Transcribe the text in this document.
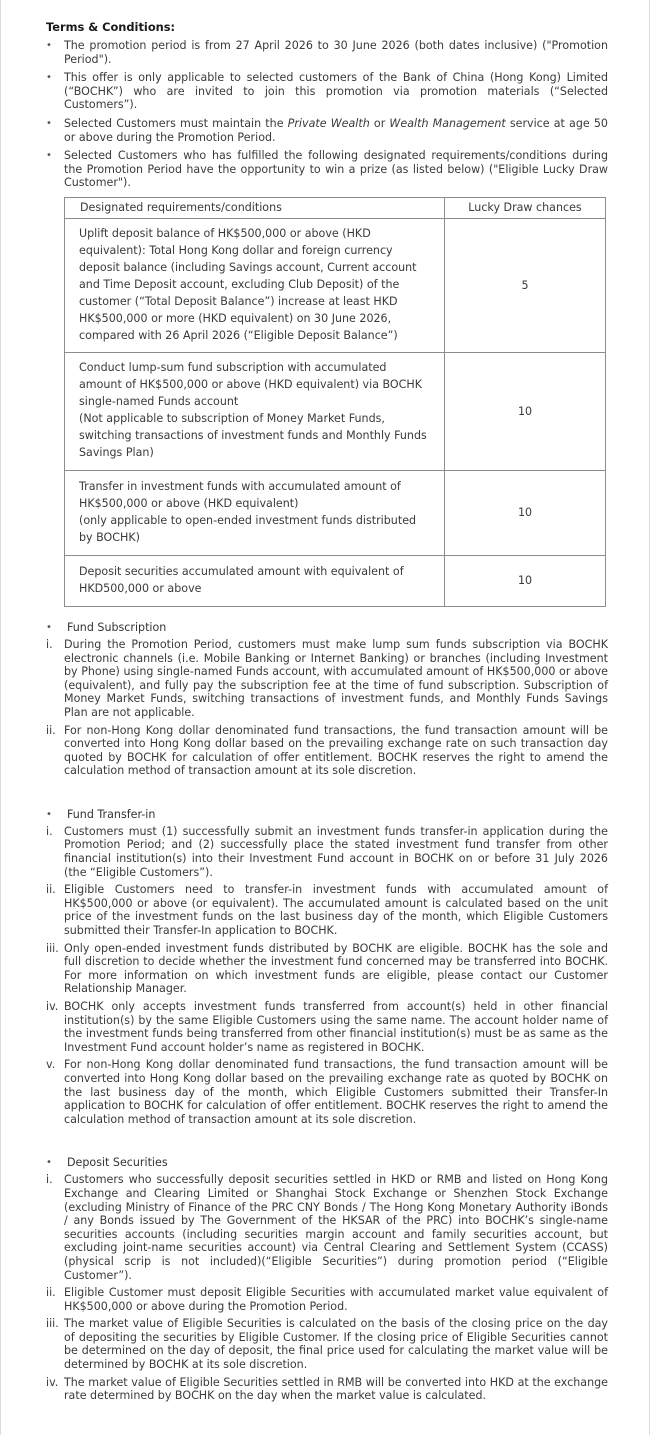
Terms & Conditions:
• The promotion period is from 27 April 2026 to 30 June 2026 (both dates inclusive) ("Promotion Period").
• This offer is only applicable to selected customers of the Bank of China (Hong Kong) Limited (“BOCHK”) who are invited to join this promotion via promotion materials (“Selected Customers”).
• Selected Customers must maintain the Private Wealth or Wealth Management service at age 50 or above during the Promotion Period.
• Selected Customers who has fulfilled the following designated requirements/conditions during the Promotion Period have the opportunity to win a prize (as listed below) ("Eligible Lucky Draw Customer").
Designated requirements/conditions	Lucky Draw chances
Uplift deposit balance of HK$500,000 or above (HKD equivalent): Total Hong Kong dollar and foreign currency deposit balance (including Savings account, Current account and Time Deposit account, excluding Club Deposit) of the customer (“Total Deposit Balance”) increase at least HKD HK$500,000 or more (HKD equivalent) on 30 June 2026, compared with 26 April 2026 (“Eligible Deposit Balance”)	5
Conduct lump-sum fund subscription with accumulated amount of HK$500,000 or above (HKD equivalent) via BOCHK single-named Funds account
(Not applicable to subscription of Money Market Funds, switching transactions of investment funds and Monthly Funds Savings Plan)	10
Transfer in investment funds with accumulated amount of HK$500,000 or above (HKD equivalent)
(only applicable to open-ended investment funds distributed by BOCHK)	10
Deposit securities accumulated amount with equivalent of HKD500,000 or above	10
• Fund Subscription
i.	During the Promotion Period, customers must make lump sum funds subscription via BOCHK electronic channels (i.e. Mobile Banking or Internet Banking) or branches (including Investment by Phone) using single-named Funds account, with accumulated amount of HK$500,000 or above (equivalent), and fully pay the subscription fee at the time of fund subscription. Subscription of Money Market Funds, switching transactions of investment funds, and Monthly Funds Savings Plan are not applicable.
ii. For non-Hong Kong dollar denominated fund transactions, the fund transaction amount will be converted into Hong Kong dollar based on the prevailing exchange rate on such transaction day quoted by BOCHK for calculation of offer entitlement. BOCHK reserves the right to amend the calculation method of transaction amount at its sole discretion.
• Fund Transfer-in
i.	Customers must (1) successfully submit an investment funds transfer-in application during the Promotion Period; and (2) successfully place the stated investment fund transfer from other financial institution(s) into their Investment Fund account in BOCHK on or before 31 July 2026 (the “Eligible Customers”).
ii. Eligible Customers need to transfer-in investment funds with accumulated amount of HK$500,000 or above (or equivalent). The accumulated amount is calculated based on the unit price of the investment funds on the last business day of the month, which Eligible Customers submitted their Transfer-In application to BOCHK.
iii. Only open-ended investment funds distributed by BOCHK are eligible. BOCHK has the sole and full discretion to decide whether the investment fund concerned may be transferred into BOCHK. For more information on which investment funds are eligible, please contact our Customer Relationship Manager.
iv. BOCHK only accepts investment funds transferred from account(s) held in other financial institution(s) by the same Eligible Customers using the same name. The account holder name of the investment funds being transferred from other financial institution(s) must be as same as the Investment Fund account holder’s name as registered in BOCHK.
v. For non-Hong Kong dollar denominated fund transactions, the fund transaction amount will be converted into Hong Kong dollar based on the prevailing exchange rate as quoted by BOCHK on the last business day of the month, which Eligible Customers submitted their Transfer-In application to BOCHK for calculation of offer entitlement. BOCHK reserves the right to amend the calculation method of transaction amount at its sole discretion.
• Deposit Securities
i.	Customers who successfully deposit securities settled in HKD or RMB and listed on Hong Kong Exchange and Clearing Limited or Shanghai Stock Exchange or Shenzhen Stock Exchange (excluding Ministry of Finance of the PRC CNY Bonds / The Hong Kong Monetary Authority iBonds / any Bonds issued by The Government of the HKSAR of the PRC) into BOCHK’s single-name securities accounts (including securities margin account and family securities account, but excluding joint-name securities account) via Central Clearing and Settlement System (CCASS) (physical scrip is not included)(“Eligible Securities”) during promotion period (“Eligible Customer”).
ii. Eligible Customer must deposit Eligible Securities with accumulated market value equivalent of HK$500,000 or above during the Promotion Period.
iii. The market value of Eligible Securities is calculated on the basis of the closing price on the day of depositing the securities by Eligible Customer. If the closing price of Eligible Securities cannot be determined on the day of deposit, the final price used for calculating the market value will be determined by BOCHK at its sole discretion.
iv. The market value of Eligible Securities settled in RMB will be converted into HKD at the exchange rate determined by BOCHK on the day when the market value is calculated.
